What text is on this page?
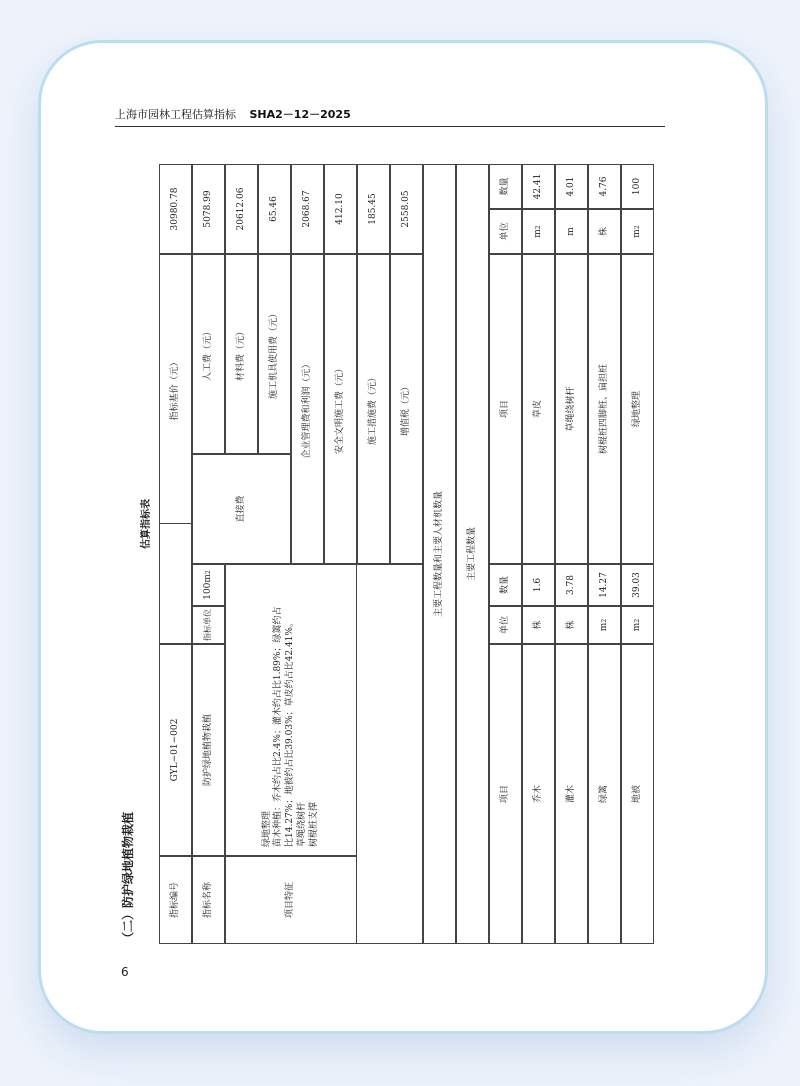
上海市园林工程估算指标 SHA2－12－2025
6
（二）防护绿地植物栽植
估算指标表
指标编号
GYL−01−002
指标基价（元）
30980.78
指标名称
防护绿地植物栽植
指标单位
100m
2
项目特征
绿地整理 苗木种植：乔木约占比2.4%；灌木约占比1.89%；绿篱约占 比14.27%；地被约占比39.03%；草皮约占比42.41%。 草绳绕树杆 树棍桩支撑
直接费
人工费（元）
5078.99
材料费（元）
20612.06
施工机具使用费（元）
65.46
企业管理费和利润（元）
2068.67
安全文明施工费（元）
412.10
施工措施费（元）
185.45
增值税（元）
2558.05
主要工程数量和主要人材机数量	主要工程数量
项目
单位
数量
项目
单位
数量
乔木
株
1.6
草皮
m
2
42.41
灌木
株
3.78
草绳绕树杆
m
4.01
绿篱
m
2
14.27
树棍桩四脚桩、扁担桩
株
4.76
地被
m
2
39.03
绿地整理
m
2
100
